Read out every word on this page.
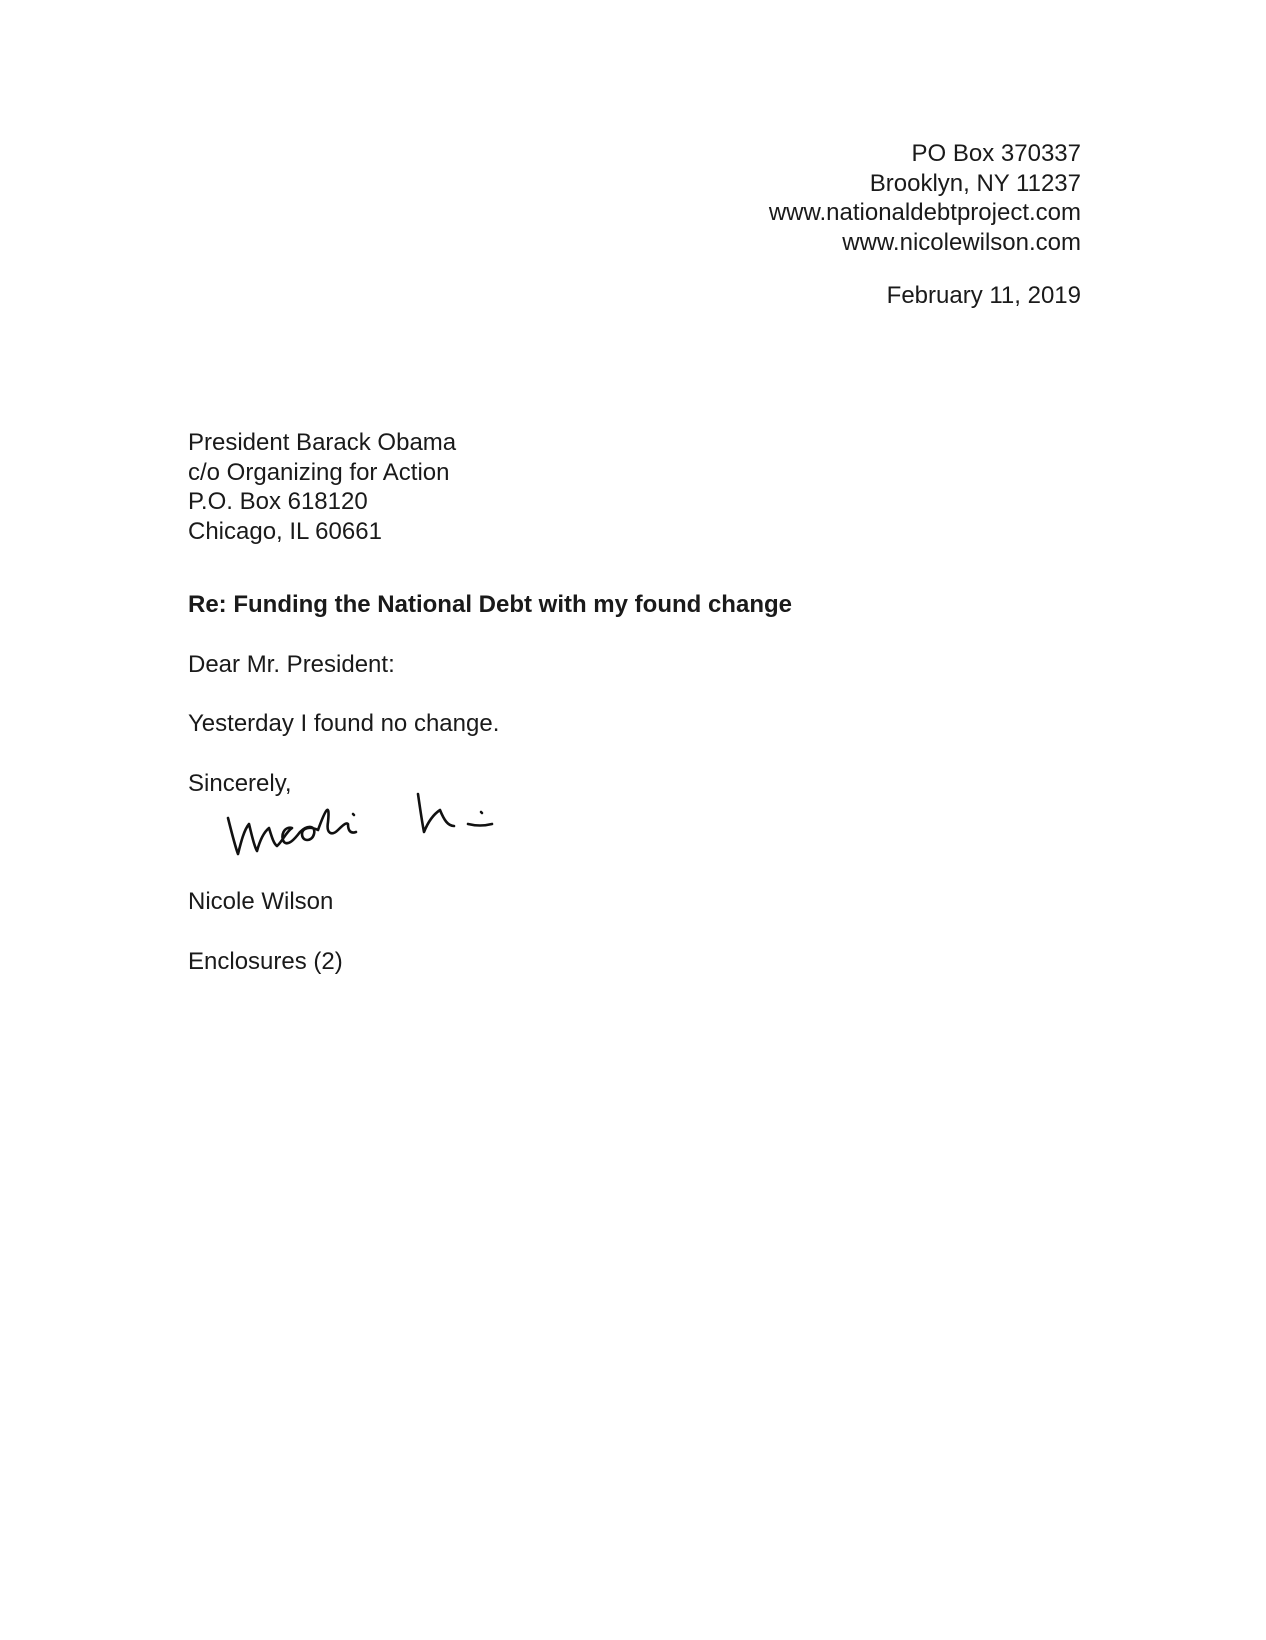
PO Box 370337
Brooklyn, NY 11237
www.nationaldebtproject.com
www.nicolewilson.com
February 11, 2019
President Barack Obama
c/o Organizing for Action
P.O. Box 618120
Chicago, IL 60661
Re: Funding the National Debt with my found change
Dear Mr. President:
Yesterday I found no change.
Sincerely,
Nicole Wilson
Enclosures (2)
